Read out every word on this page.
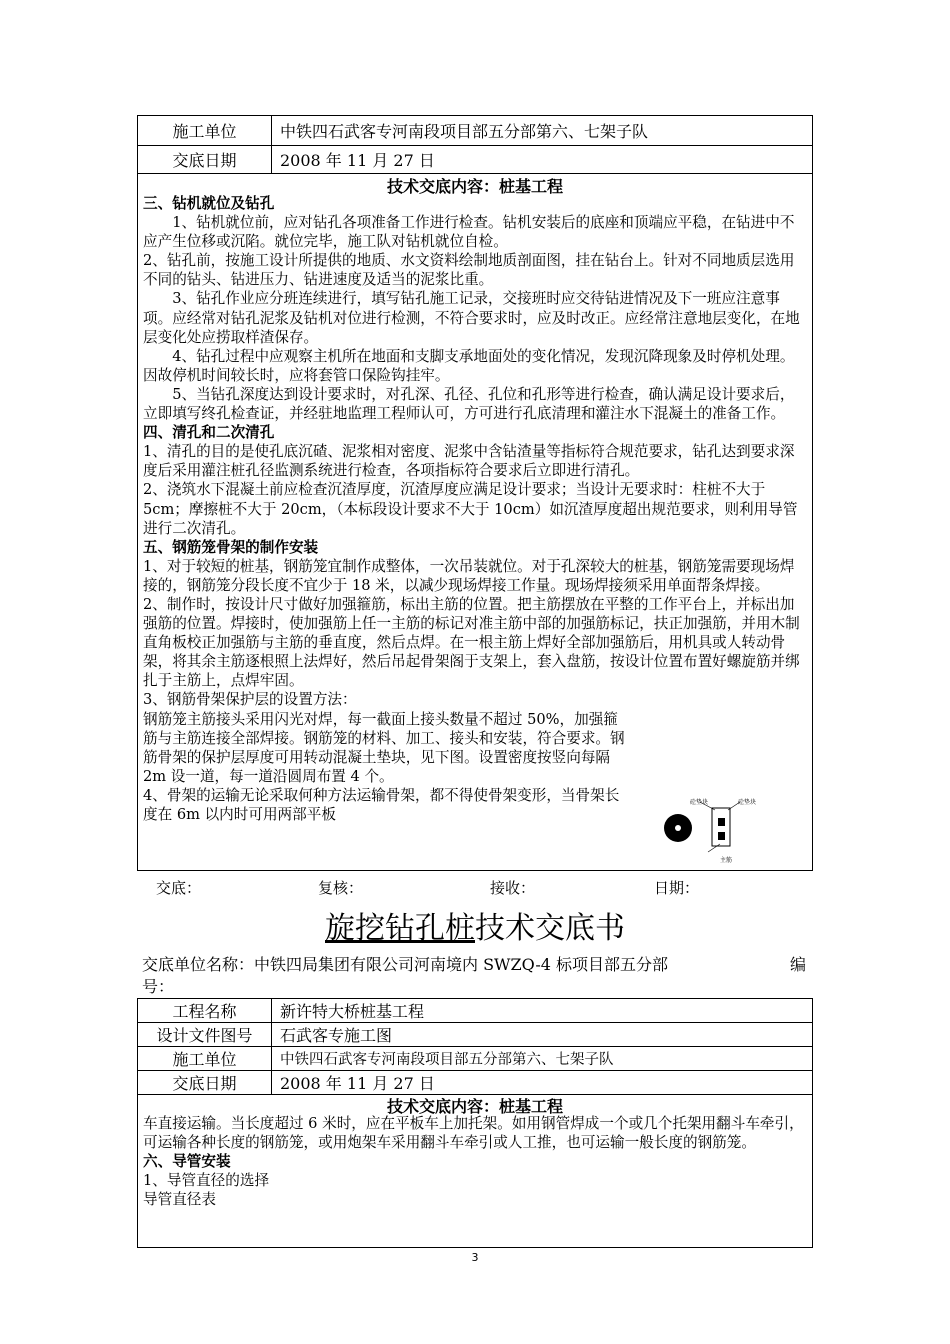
施工单位	中铁四石武客专河南段项目部五分部第六、七架子队
交底日期	2008 年 11 月 27 日
技术交底内容：桩基工程

三、钻机就位及钻孔

1、钻机就位前，应对钻孔各项准备工作进行检查。钻机安装后的底座和顶端应平稳，在钻进中不应产生位移或沉陷。就位完毕，施工队对钻机就位自检。

2、钻孔前，按施工设计所提供的地质、水文资料绘制地质剖面图，挂在钻台上。针对不同地质层选用不同的钻头、钻进压力、钻进速度及适当的泥浆比重。

3、钻孔作业应分班连续进行，填写钻孔施工记录，交接班时应交待钻进情况及下一班应注意事项。应经常对钻孔泥浆及钻机对位进行检测，不符合要求时，应及时改正。应经常注意地层变化，在地层变化处应捞取样渣保存。

4、钻孔过程中应观察主机所在地面和支脚支承地面处的变化情况，发现沉降现象及时停机处理。因故停机时间较长时，应将套管口保险钩挂牢。

5、当钻孔深度达到设计要求时，对孔深、孔径、孔位和孔形等进行检查，确认满足设计要求后，立即填写终孔检查证，并经驻地监理工程师认可，方可进行孔底清理和灌注水下混凝土的准备工作。

四、清孔和二次清孔

1、清孔的目的是使孔底沉碴、泥浆相对密度、泥浆中含钻渣量等指标符合规范要求，钻孔达到要求深度后采用灌注桩孔径监测系统进行检查，各项指标符合要求后立即进行清孔。

2、浇筑水下混凝土前应检查沉渣厚度，沉渣厚度应满足设计要求；当设计无要求时：柱桩不大于 5cm；摩擦桩不大于 20cm，（本标段设计要求不大于 10cm）如沉渣厚度超出规范要求，则利用导管进行二次清孔。

五、钢筋笼骨架的制作安装

1、对于较短的桩基，钢筋笼宜制作成整体，一次吊装就位。对于孔深较大的桩基，钢筋笼需要现场焊接的，钢筋笼分段长度不宜少于 18 米，以减少现场焊接工作量。现场焊接须采用单面帮条焊接。

2、制作时，按设计尺寸做好加强箍筋，标出主筋的位置。把主筋摆放在平整的工作平台上，并标出加强筋的位置。焊接时，使加强筋上任一主筋的标记对准主筋中部的加强筋标记，扶正加强筋，并用木制直角板校正加强筋与主筋的垂直度，然后点焊。在一根主筋上焊好全部加强筋后，用机具或人转动骨架，将其余主筋逐根照上法焊好，然后吊起骨架阁于支架上，套入盘筋，按设计位置布置好螺旋筋并绑扎于主筋上，点焊牢固。

3、钢筋骨架保护层的设置方法：

钢筋笼主筋接头采用闪光对焊，每一截面上接头数量不超过 50%，加强箍筋与主筋连接全部焊接。钢筋笼的材料、加工、接头和安装，符合要求。钢筋骨架的保护层厚度可用转动混凝土垫块，见下图。设置密度按竖向每隔 2m 设一道，每一道沿圆周布置 4 个。

4、骨架的运输无论采取何种方法运输骨架，都不得使骨架变形，当骨架长度在 6m 以内时可用两部平板

砼垫块	砼垫块
主筋
交底：	复核：	接收：	日期：
旋挖钻孔桩技术交底书
交底单位名称：中铁四局集团有限公司河南境内 SWZQ-4 标项目部五分部	编
号：
工程名称	新许特大桥桩基工程
设计文件图号	石武客专施工图
施工单位	中铁四石武客专河南段项目部五分部第六、七架子队
交底日期	2008 年 11 月 27 日
技术交底内容：桩基工程

车直接运输。当长度超过 6 米时，应在平板车上加托架。如用钢管焊成一个或几个托架用翻斗车牵引，可运输各种长度的钢筋笼，或用炮架车采用翻斗车牵引或人工推，也可运输一般长度的钢筋笼。

六、导管安装

1、导管直径的选择

导管直径表

3
